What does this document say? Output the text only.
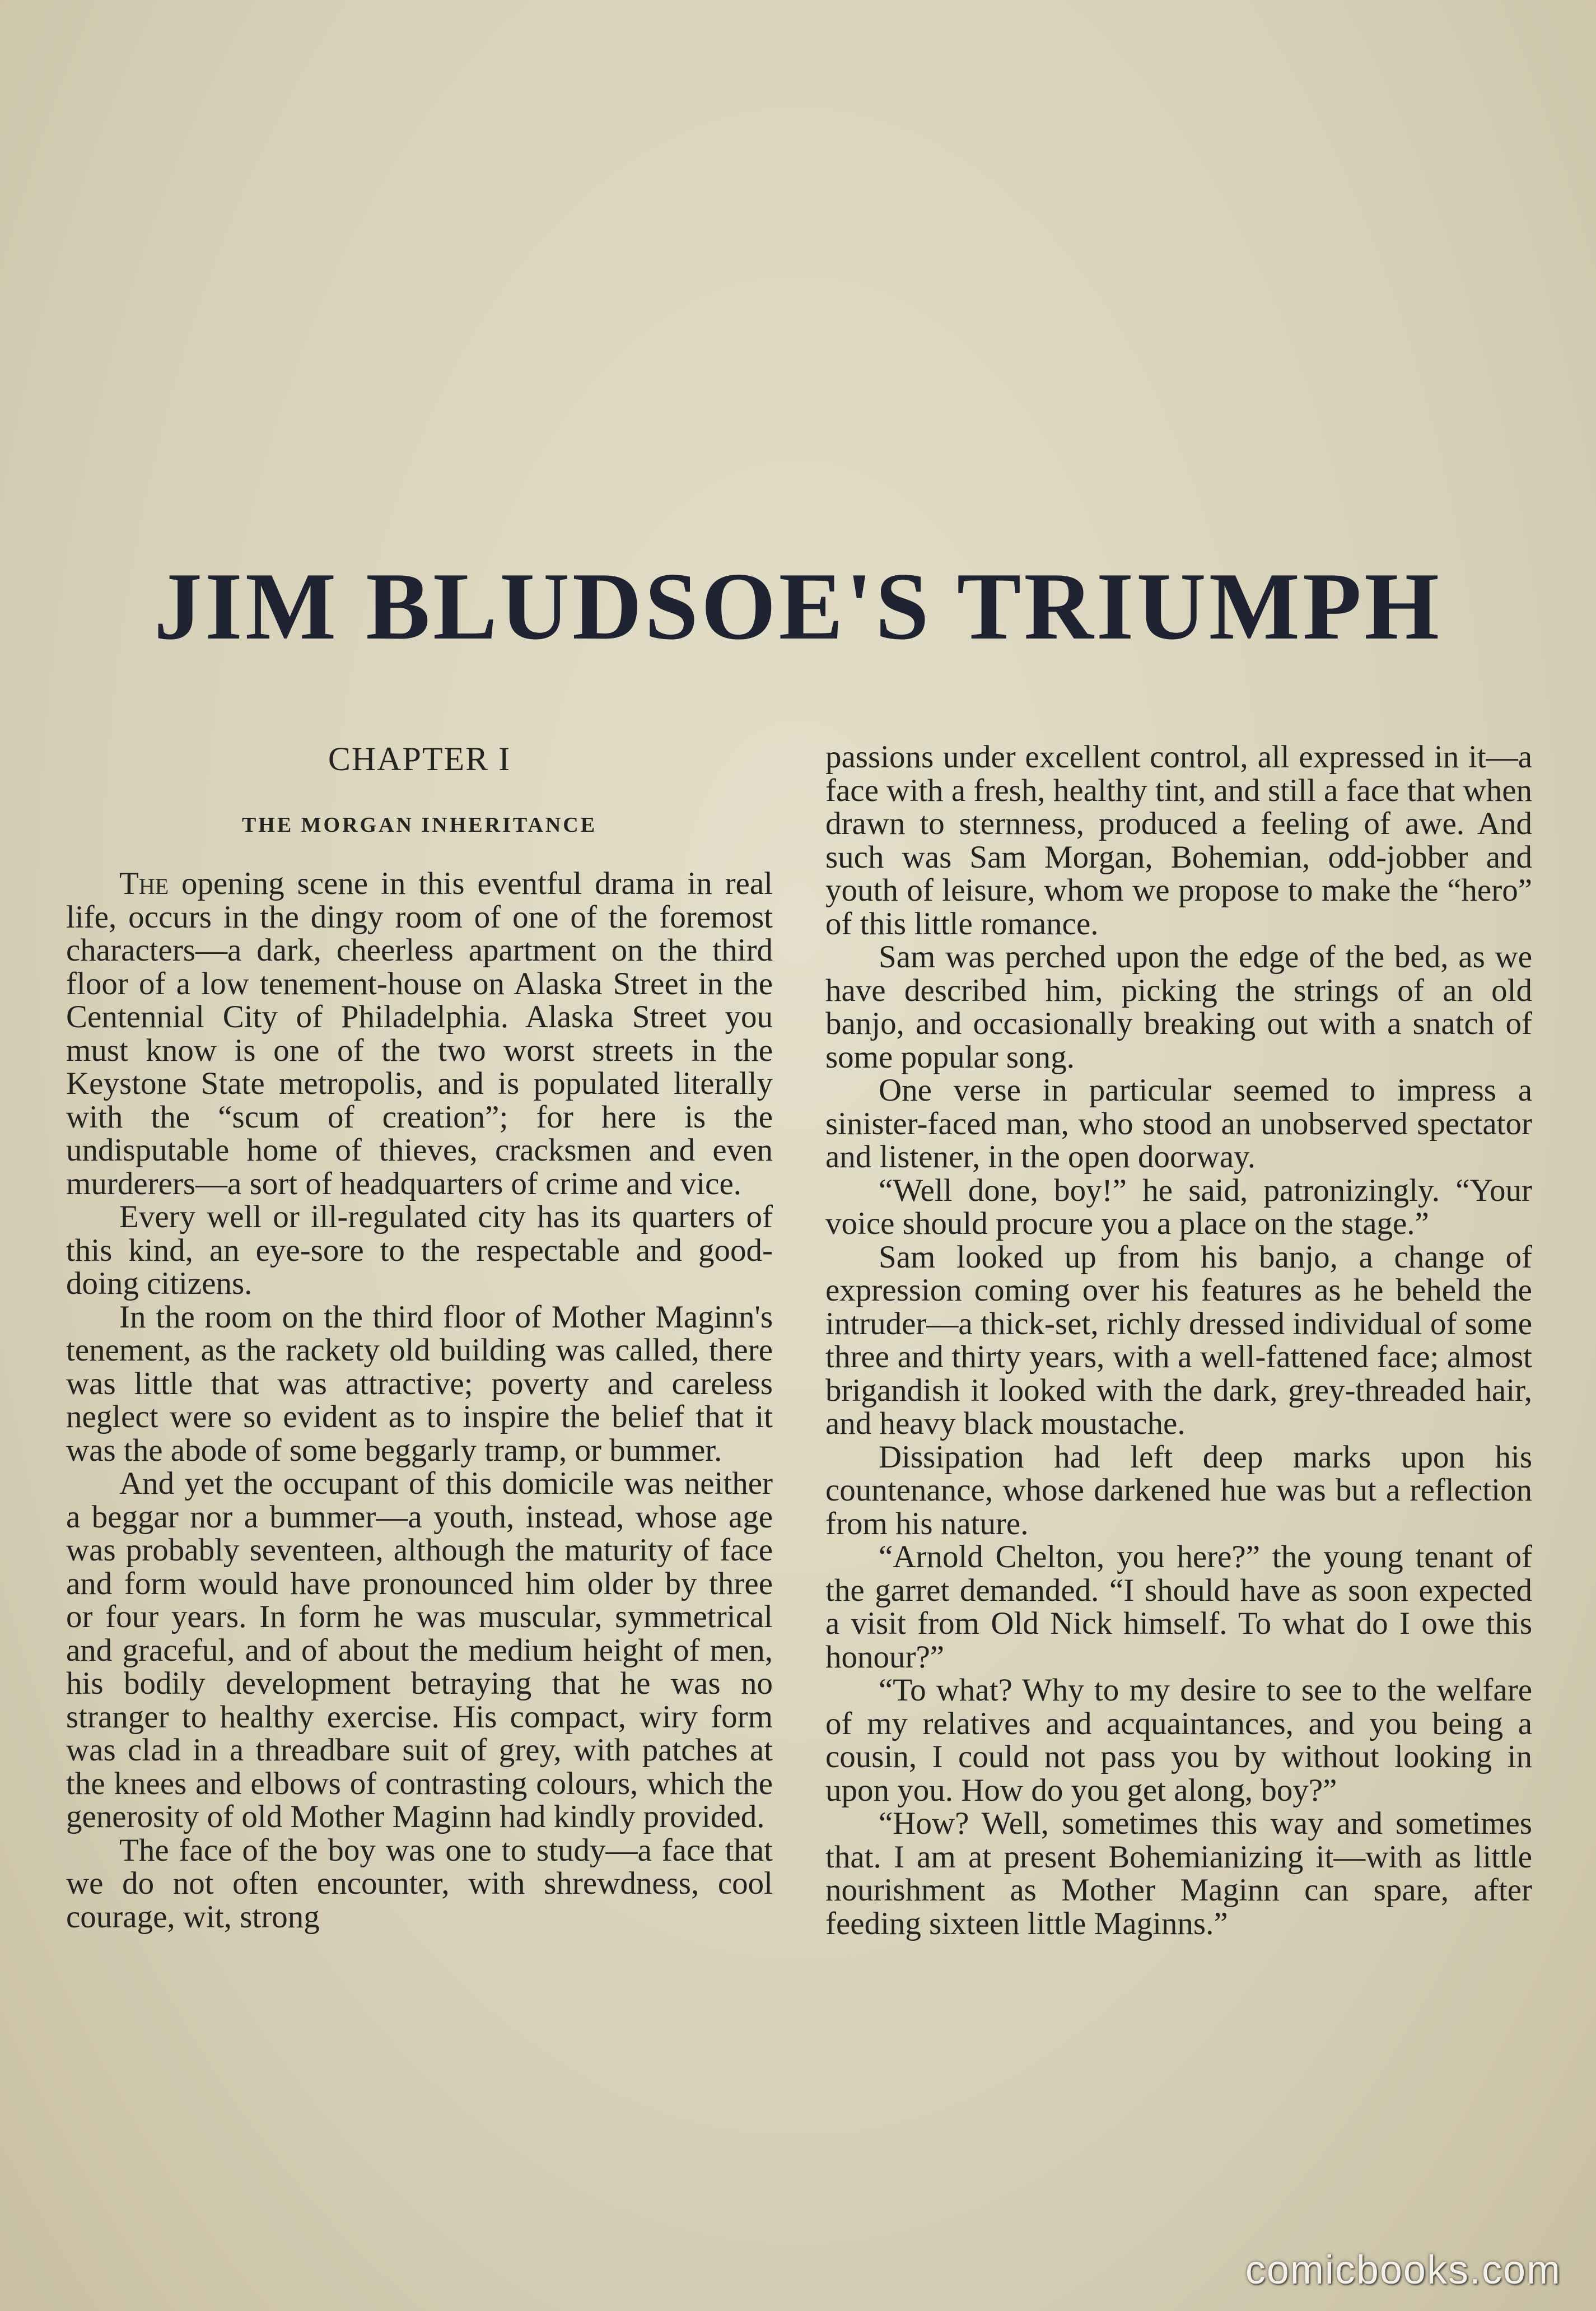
JIM BLUDSOE'S TRIUMPH
CHAPTER I
THE MORGAN INHERITANCE

The opening scene in this eventful drama in real life, occurs in the dingy room of one of the foremost characters—a dark, cheerless apartment on the third floor of a low tenement-house on Alaska Street in the Centennial City of Philadelphia. Alaska Street you must know is one of the two worst streets in the Keystone State metropolis, and is populated literally with the “scum of creation”; for here is the undisputable home of thieves, cracksmen and even murderers—a sort of headquarters of crime and vice.

Every well or ill-regulated city has its quarters of this kind, an eye-sore to the respectable and good-doing citizens.

In the room on the third floor of Mother Maginn's tenement, as the rackety old building was called, there was little that was attractive; poverty and careless neglect were so evident as to inspire the belief that it was the abode of some beggarly tramp, or bummer.

And yet the occupant of this domicile was neither a beggar nor a bummer—a youth, instead, whose age was probably seventeen, although the maturity of face and form would have pronounced him older by three or four years. In form he was muscular, symmetrical and graceful, and of about the medium height of men, his bodily development betraying that he was no stranger to healthy exercise. His compact, wiry form was clad in a threadbare suit of grey, with patches at the knees and elbows of contrasting colours, which the generosity of old Mother Maginn had kindly provided.

The face of the boy was one to study—a face that we do not often encounter, with shrewdness, cool courage, wit, strong

passions under excellent control, all expressed in it—a face with a fresh, healthy tint, and still a face that when drawn to sternness, produced a feeling of awe. And such was Sam Morgan, Bohemian, odd-jobber and youth of leisure, whom we propose to make the “hero” of this little romance.

Sam was perched upon the edge of the bed, as we have described him, picking the strings of an old banjo, and occasionally breaking out with a snatch of some popular song.

One verse in particular seemed to impress a sinister-faced man, who stood an unobserved spectator and listener, in the open doorway.

“Well done, boy!” he said, patronizingly. “Your voice should procure you a place on the stage.”

Sam looked up from his banjo, a change of expression coming over his features as he beheld the intruder—a thick-set, richly dressed individual of some three and thirty years, with a well-fattened face; almost brigandish it looked with the dark, grey-threaded hair, and heavy black moustache.

Dissipation had left deep marks upon his countenance, whose darkened hue was but a reflection from his nature.

“Arnold Chelton, you here?” the young tenant of the garret demanded. “I should have as soon expected a visit from Old Nick himself. To what do I owe this honour?”

“To what? Why to my desire to see to the welfare of my relatives and acquaintances, and you being a cousin, I could not pass you by without looking in upon you. How do you get along, boy?”

“How? Well, sometimes this way and sometimes that. I am at present Bohemianizing it—with as little nourishment as Mother Maginn can spare, after feeding sixteen little Maginns.”

comicbooks.com
